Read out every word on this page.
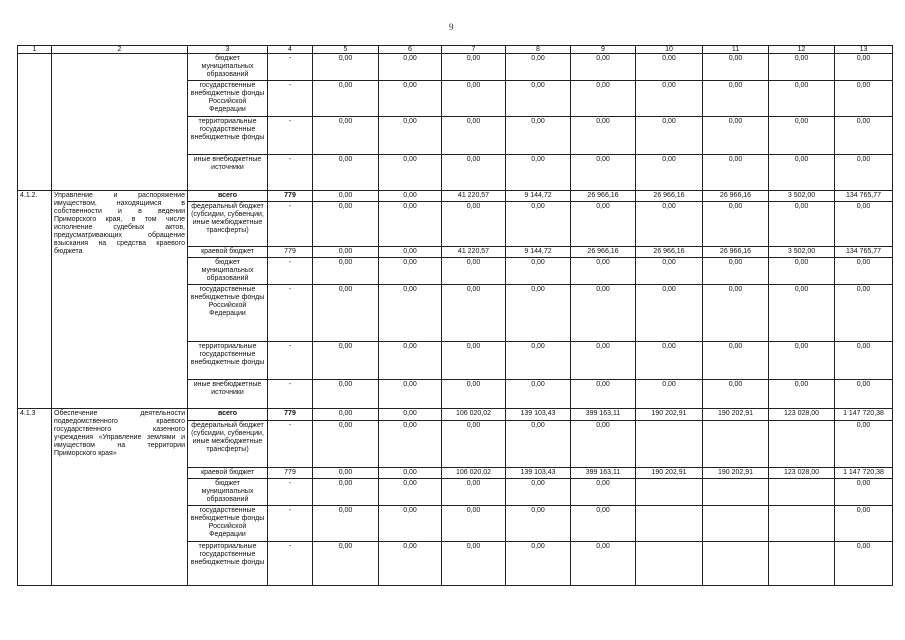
9
1	2	3	4	5	6	7	8	9	10	11	12	13
		бюджет муниципальных образований	-	0,00	0,00	0,00	0,00	0,00	0,00	0,00	0,00	0,00
		государственные внебюджетные фонды Российской Федерации	-	0,00	0,00	0,00	0,00	0,00	0,00	0,00	0,00	0,00
		территориальные государственные внебюджетные фонды	-	0,00	0,00	0,00	0,00	0,00	0,00	0,00	0,00	0,00
		иные внебюджетные источники	-	0,00	0,00	0,00	0,00	0,00	0,00	0,00	0,00	0,00
4.1.2.	Управление и распоряжение имуществом, находящимся в собственности и в ведении Приморского края, в том числе исполнение судебных актов, предусматривающих обращение взыскания на средства краевого бюджета	всего	779	0,00	0,00	41 220,57	9 144,72	26 966,16	26 966,16	26 966,16	3 502,00	134 765,77
		федеральный бюджет (субсидии, субвенции, иные межбюджетные трансферты)	-	0,00	0,00	0,00	0,00	0,00	0,00	0,00	0,00	0,00
		краевой бюджет	779	0,00	0,00	41 220,57	9 144,72	26 966,16	26 966,16	26 966,16	3 502,00	134 765,77
		бюджет муниципальных образований	-	0,00	0,00	0,00	0,00	0,00	0,00	0,00	0,00	0,00
		государственные внебюджетные фонды Российской Федерации	-	0,00	0,00	0,00	0,00	0,00	0,00	0,00	0,00	0,00
		территориальные государственные внебюджетные фонды	-	0,00	0,00	0,00	0,00	0,00	0,00	0,00	0,00	0,00
		иные внебюджетные источники	-	0,00	0,00	0,00	0,00	0,00	0,00	0,00	0,00	0,00
4.1.3	Обеспечение деятельности подведомственного краевого государственного казенного учреждения «Управление землями и имуществом на территории Приморского края»	всего	779	0,00	0,00	106 020,02	139 103,43	399 163,11	190 202,91	190 202,91	123 028,00	1 147 720,38
		федеральный бюджет (субсидии, субвенции, иные межбюджетные трансферты)	-	0,00	0,00	0,00	0,00	0,00				0,00
		краевой бюджет	779	0,00	0,00	106 020,02	139 103,43	399 163,11	190 202,91	190 202,91	123 028,00	1 147 720,38
		бюджет муниципальных образований	-	0,00	0,00	0,00	0,00	0,00				0,00
		государственные внебюджетные фонды Российской Федерации	-	0,00	0,00	0,00	0,00	0,00				0,00
		территориальные государственные внебюджетные фонды	-	0,00	0,00	0,00	0,00	0,00				0,00
